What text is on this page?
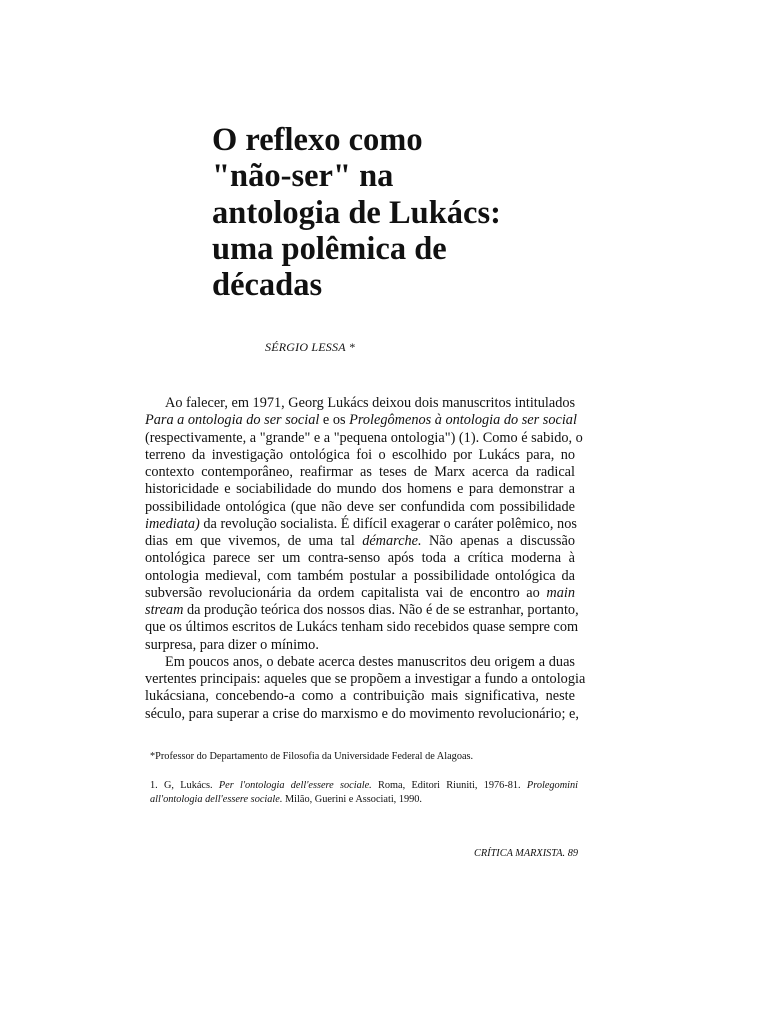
O reflexo como
"não-ser" na
antologia de Lukács:
uma polêmica de
décadas
SÉRGIO LESSA *
Ao falecer, em 1971, Georg Lukács deixou dois manuscritos intitulados
Para a ontologia do ser social e os Prolegômenos à ontologia do ser social
(respectivamente, a "grande" e a "pequena ontologia") (1). Como é sabido, o
terreno da investigação ontológica foi o escolhido por Lukács para, no
contexto contemporâneo, reafirmar as teses de Marx acerca da radical
historicidade e sociabilidade do mundo dos homens e para demonstrar a
possibilidade ontológica (que não deve ser confundida com possibilidade
imediata) da revolução socialista. É difícil exagerar o caráter polêmico, nos
dias em que vivemos, de uma tal démarche. Não apenas a discussão
ontológica parece ser um contra-senso após toda a crítica moderna à
ontologia medieval, com também postular a possibilidade ontológica da
subversão revolucionária da ordem capitalista vai de encontro ao main
stream da produção teórica dos nossos dias. Não é de se estranhar, portanto,
que os últimos escritos de Lukács tenham sido recebidos quase sempre com
surpresa, para dizer o mínimo.
Em poucos anos, o debate acerca destes manuscritos deu origem a duas
vertentes principais: aqueles que se propõem a investigar a fundo a ontologia
lukácsiana, concebendo-a como a contribuição mais significativa, neste
século, para superar a crise do marxismo e do movimento revolucionário; e,
*Professor do Departamento de Filosofia da Universidade Federal de Alagoas.
1. G, Lukács. Per l'ontologia dell'essere sociale. Roma, Editori Riuniti, 1976-81. Prolegomini
all'ontologia dell'essere sociale. Milão, Guerini e Associati, 1990.
CRÍTICA MARXISTA. 89
